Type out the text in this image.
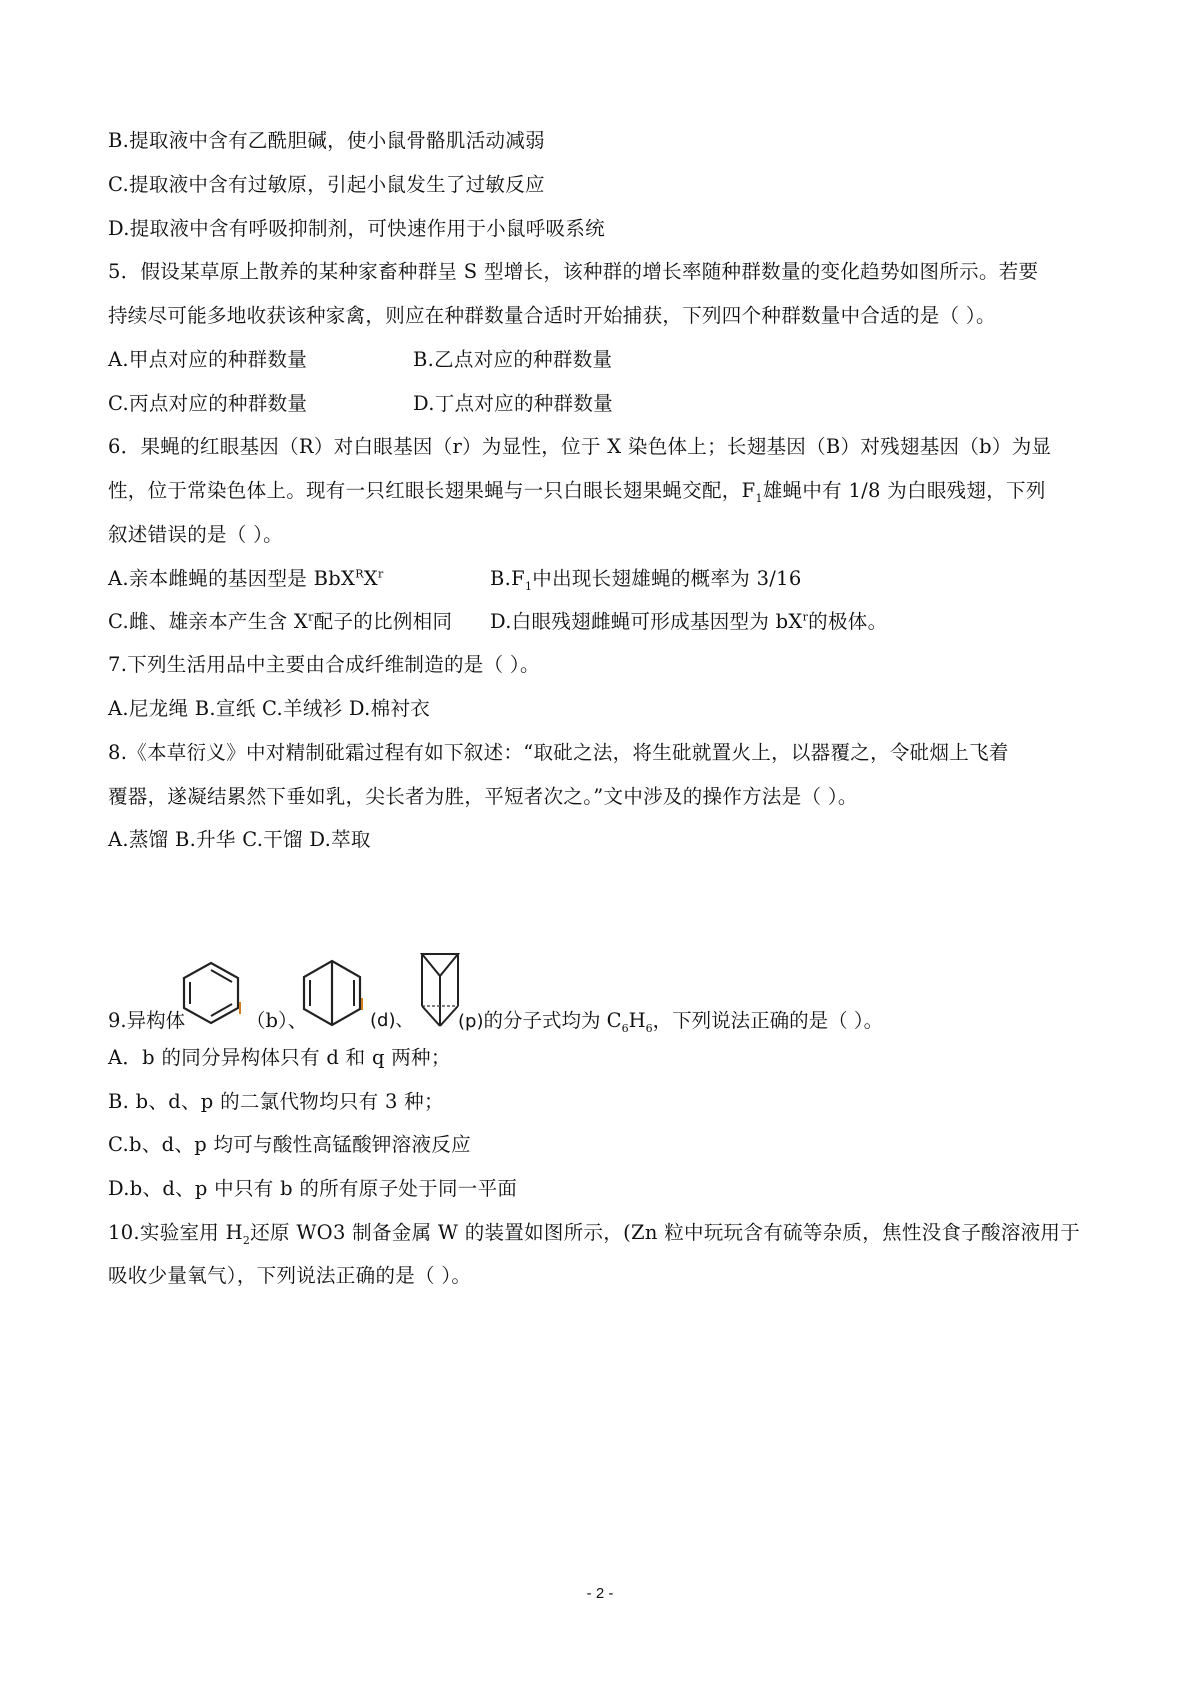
B.提取液中含有乙酰胆碱，使小鼠骨骼肌活动减弱
C.提取液中含有过敏原，引起小鼠发生了过敏反应
D.提取液中含有呼吸抑制剂，可快速作用于小鼠呼吸系统
5．假设某草原上散养的某种家畜种群呈 S 型增长，该种群的增长率随种群数量的变化趋势如图所示。若要
持续尽可能多地收获该种家禽，则应在种群数量合适时开始捕获，下列四个种群数量中合适的是（ ）。
A.甲点对应的种群数量	B.乙点对应的种群数量
C.丙点对应的种群数量	D.丁点对应的种群数量
6．果蝇的红眼基因（R）对白眼基因（r）为显性，位于 X 染色体上；长翅基因（B）对残翅基因（b）为显
性，位于常染色体上。现有一只红眼长翅果蝇与一只白眼长翅果蝇交配，$F_1$雄蝇中有 1/8 为白眼残翅，下列
叙述错误的是（ ）。
A.亲本雌蝇的基因型是 $BbX^RX^r$	$B.F_1$中出现长翅雄蝇的概率为 3/16
C.雌、雄亲本产生含 $X^r$配子的比例相同 D.白眼残翅雌蝇可形成基因型为 $bX^r$的极体。
7.下列生活用品中主要由合成纤维制造的是（ ）。
A.尼龙绳 B.宣纸 C.羊绒衫 D.棉衬衣
8.《本草衍义》中对精制砒霜过程有如下叙述：“取砒之法，将生砒就置火上，以器覆之，令砒烟上飞着
覆器，遂凝结累然下垂如乳，尖长者为胜，平短者次之。”文中涉及的操作方法是（ ）。
A.蒸馏 B.升华 C.干馏 D.萃取
9.异构体	（b）、	(d)、 (p)的分子式均为 $C_6H_6$，下列说法正确的是（ ）。
A．b 的同分异构体只有 d 和 q 两种；
B. b、d、p 的二氯代物均只有 3 种；
C.b、d、p 均可与酸性高锰酸钾溶液反应
D.b、d、p 中只有 b 的所有原子处于同一平面
10.实验室用 $H_2$还原 WO3 制备金属 W 的装置如图所示，(Zn 粒中玩玩含有硫等杂质，焦性没食子酸溶液用于
吸收少量氧气），下列说法正确的是（ ）。
- 2 -
